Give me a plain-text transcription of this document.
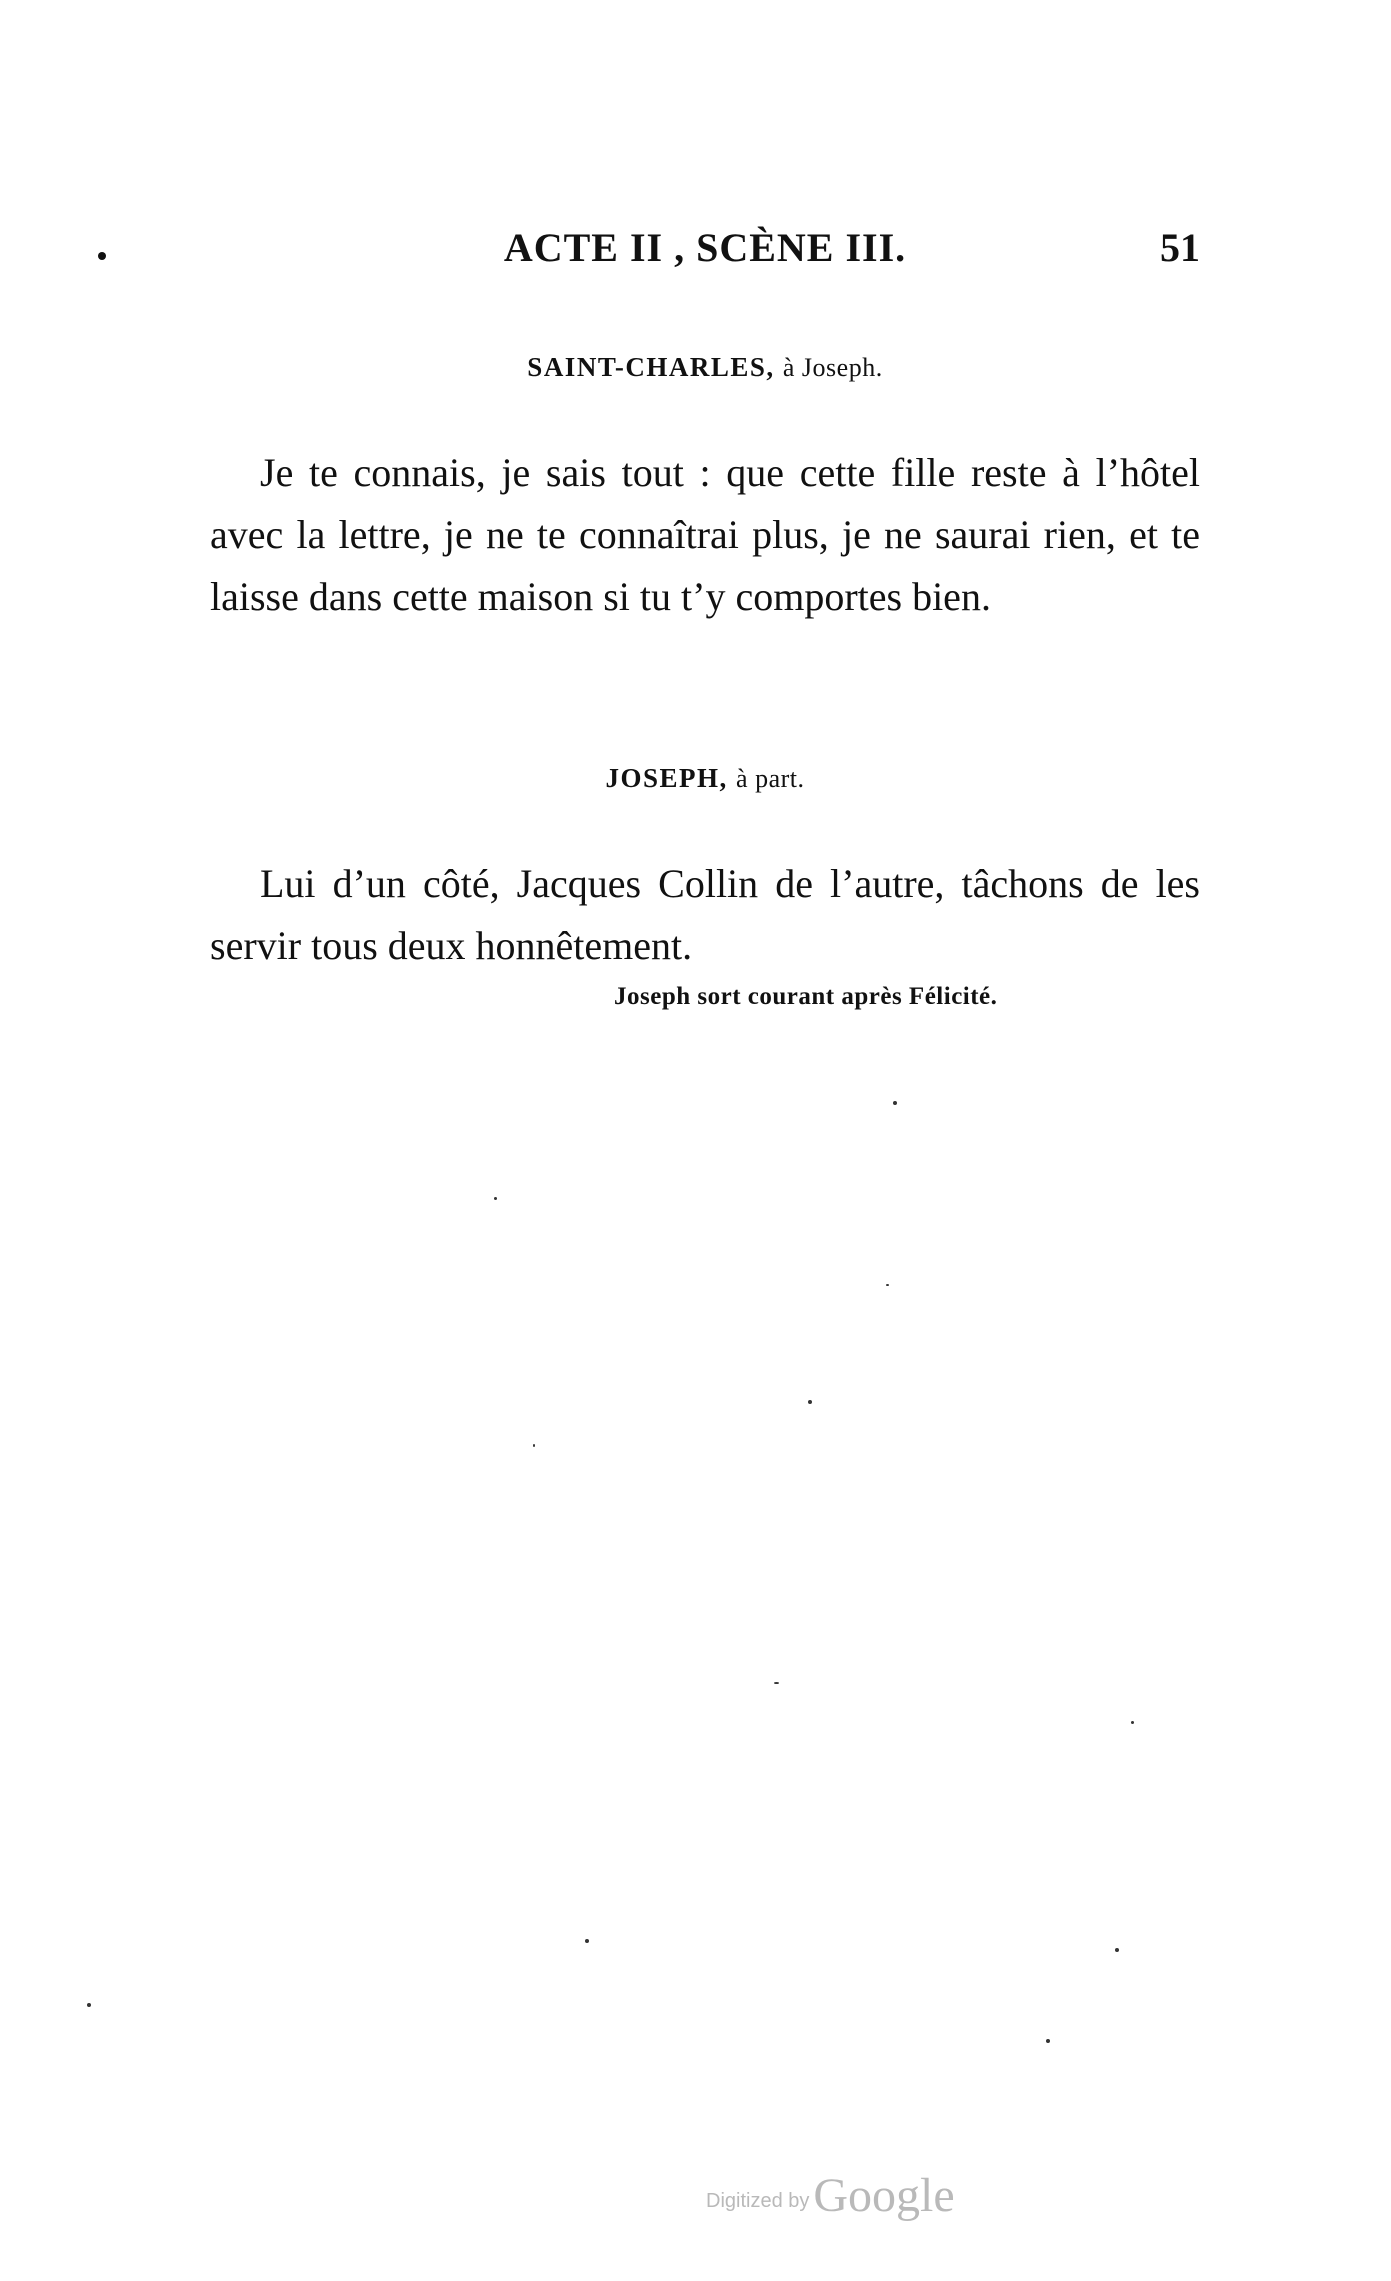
ACTE II , SCÈNE III.	51
SAINT-CHARLES, à Joseph.

Je te connais, je sais tout : que cette fille reste à l’hôtel avec la lettre, je ne te connaîtrai plus, je ne saurai rien, et te laisse dans cette maison si tu t’y comportes bien.

JOSEPH, à part.

Lui d’un côté, Jacques Collin de l’autre, tâchons de les servir tous deux honnêtement.

Joseph sort courant après Félicité.
Digitized byGoogle
